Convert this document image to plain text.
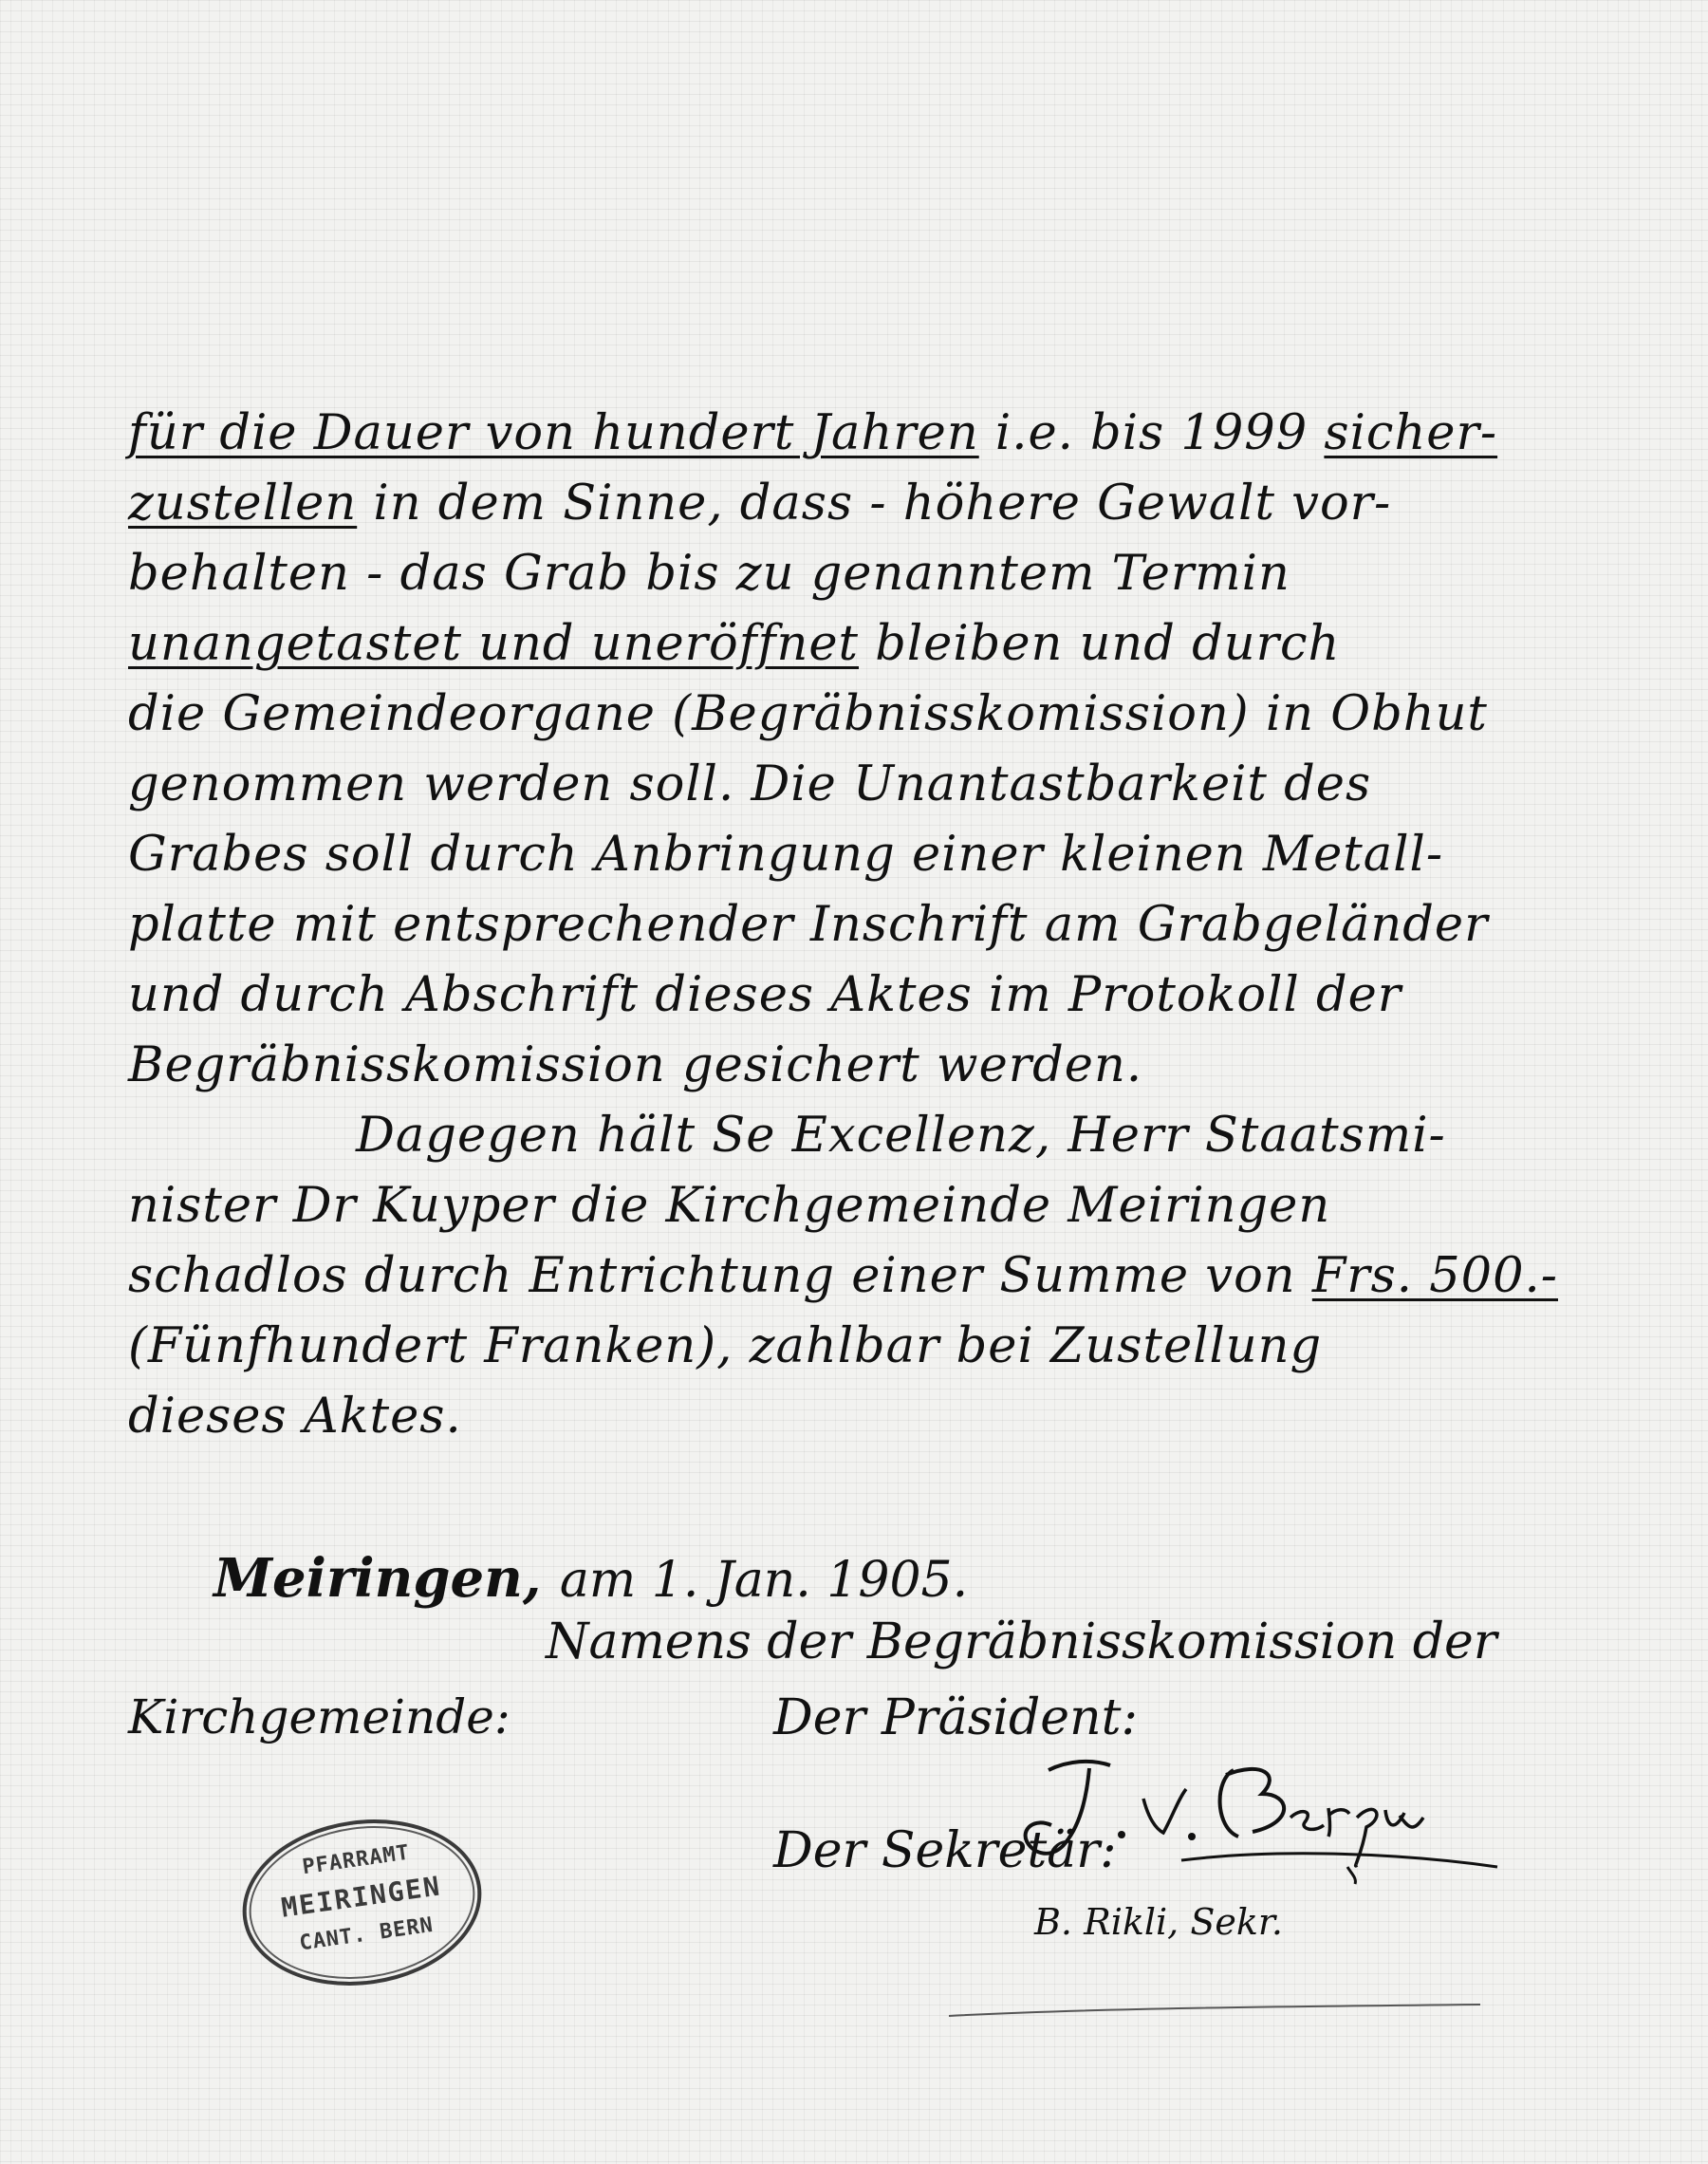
für die Dauer von hundert Jahren i.e. bis 1999 sicher-
zustellen in dem Sinne, dass - höhere Gewalt vor-
behalten - das Grab bis zu genanntem Termin
unangetastet und uneröffnet bleiben und durch
die Gemeindeorgane (Begräbnisskomission) in Obhut
genommen werden soll. Die Unantastbarkeit des
Grabes soll durch Anbringung einer kleinen Metall-
platte mit entsprechender Inschrift am Grabgeländer
und durch Abschrift dieses Aktes im Protokoll der
Begräbnisskomission gesichert werden.
Dagegen hält Se Excellenz, Herr Staatsmi-
nister Dr Kuyper die Kirchgemeinde Meiringen
schadlos durch Entrichtung einer Summe von Frs. 500.-
(Fünfhundert Franken), zahlbar bei Zustellung
dieses Aktes.
Meiringen, am 1. Jan. 1905.
Namens der Begräbnisskomission der
Kirchgemeinde:	Der Präsident:
Der Sekretär:
B. Rikli, Sekr.
PFARRAMT
MEIRINGEN
CANT. BERN
